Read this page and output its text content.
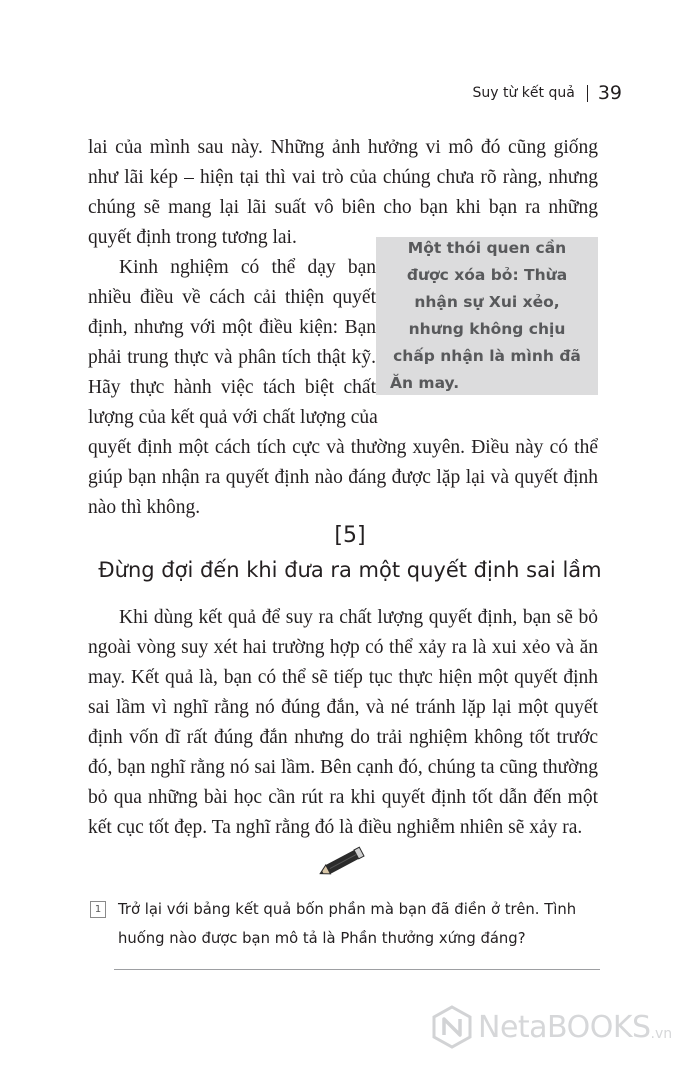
Suy từ kết quả 39
lai của mình sau này. Những ảnh hưởng vi mô đó cũng giống như lãi kép – hiện tại thì vai trò của chúng chưa rõ ràng, nhưng chúng sẽ mang lại lãi suất vô biên cho bạn khi bạn ra những quyết định trong tương lai.	Một thói quen cần được xóa bỏ: Thừa nhận sự Xui xẻo, nhưng không chịu chấp nhận là mình đã Ăn may.

Kinh nghiệm có thể dạy bạn nhiều điều về cách cải thiện quyết định, nhưng với một điều kiện: Bạn phải trung thực và phân tích thật kỹ. Hãy thực hành việc tách biệt chất lượng của kết quả với chất lượng của

quyết định một cách tích cực và thường xuyên. Điều này có thể giúp bạn nhận ra quyết định nào đáng được lặp lại và quyết định nào thì không.

[5]
Đừng đợi đến khi đưa ra một quyết định sai lầm

Khi dùng kết quả để suy ra chất lượng quyết định, bạn sẽ bỏ ngoài vòng suy xét hai trường hợp có thể xảy ra là xui xẻo và ăn may. Kết quả là, bạn có thể sẽ tiếp tục thực hiện một quyết định sai lầm vì nghĩ rằng nó đúng đắn, và né tránh lặp lại một quyết định vốn dĩ rất đúng đắn nhưng do trải nghiệm không tốt trước đó, bạn nghĩ rằng nó sai lầm. Bên cạnh đó, chúng ta cũng thường bỏ qua những bài học cần rút ra khi quyết định tốt dẫn đến một kết cục tốt đẹp. Ta nghĩ rằng đó là điều nghiễm nhiên sẽ xảy ra.

1	Trở lại với bảng kết quả bốn phần mà bạn đã điền ở trên. Tình huống nào được bạn mô tả là Phần thưởng xứng đáng?
NetaBOOKS .vn
